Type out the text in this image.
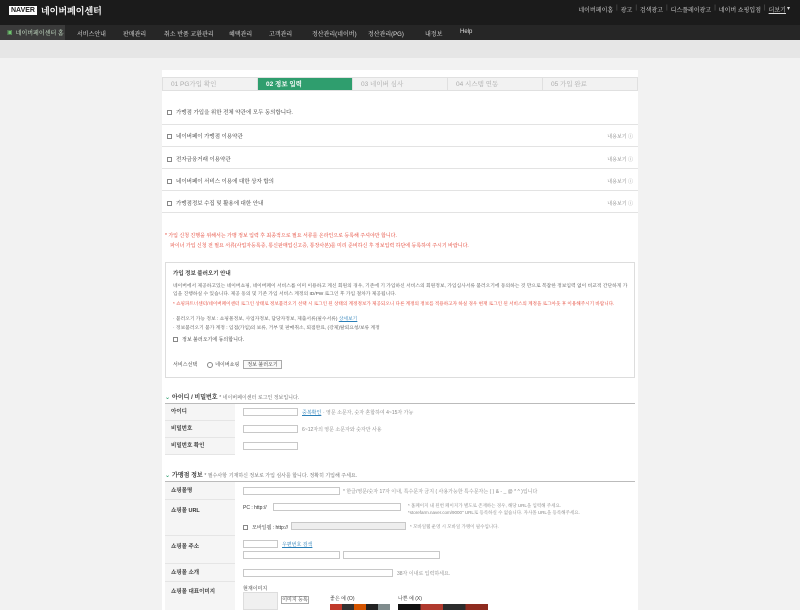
NAVER 네이버페이센터	네이버페이홈 | 광고 | 검색광고 | 디스플레이광고 | 네이버 쇼핑입점 | 더보기 ▾
▣ 네이버페이센터 홈 서비스안내	판매관리	취소 반품 교환관리	혜택관리	고객관리	정산관리(네이버) 정산관리(PG)	내정보	Help
01 PG가입 확인	02 정보 입력	03 네이버 심사	04 시스템 연동	05 가입 완료
가맹점 가입을 위한 전체 약관에 모두 동의합니다.
네이버페이 가맹점 이용약관	내용보기 ⓘ
전자금융거래 이용약관	내용보기 ⓘ
네이버페이 서비스 이용에 대한 상자 합의	내용보기 ⓘ
가맹점정보 수집 및 활용에 대한 안내	내용보기 ⓘ
* 가입 신청 진행을 위해서는 가맹 정보 입력 후 최종적으로 필요 서류를 온라인으로 등록해 주셔야만 합니다.
파이너 가입 신청 전 필요 서류(사업자등록증, 통신판매업신고증, 통장사본)를 미리 준비하신 후 정보입력 하단에 등록하여 주시기 바랍니다.
가입 정보 불러오기 안내
네이버에서 제공하고있는 네이버쇼핑, 네이버페이 서비스를 이미 이용하고 계신 회원의 경우, 기존에 기 가입하신 서비스의 회원정보, 가입심사서류 불러오기에 동의하는 것 만으로 복잡한 정보입력 없이 비교적 간단하게 가입을 진행하실 수 있습니다. 제공 동의 및 기존 가입 서비스 계정의 ID/PW 로그인 후 가입 절차가 제공됩니다.
* 쇼핑파트너센터/네이버페이센터 로그인 상태로 정보불러오기 선택 시 로그인 된 상태의 계정정보가 제공되오니 다른 계정의 정보를 적용하고자 하실 경우 현재 로그인 된 서비스의 계정을 로그아웃 후 이용해주시기 바랍니다.
· 불러오기 가능 정보 : 쇼핑몰정보, 사업자정보, 담당자정보, 제출서류(필수서류) 상세보기
· 정보불러오기 불가 계정 : 입점(가입)의 보류, 거부 및 판매취소, 퇴점완료, (강제)탈퇴요청/보류 계정
정보 불러오기에 동의합니다.
서비스선택	네이버쇼핑	정보 불러오기
⌄ 아이디 / 비밀번호 * 네이버페이센터 로그인 정보입니다.
아이디	중복확인 · 영문 소문자, 숫자 혼합하여 4~15자 가능
비밀번호	6~12자의 영문 소문자와 숫자만 사용
비밀번호 확인
⌄ 가맹점 정보 * 필수사항 기재하신 정보로 가입 심사를 합니다. 정확히 기입해 주세요.
쇼핑몰명	* 한글/영문/숫자 17자 이내, 특수문자 금지 ( 사용가능한 특수문자는 ( ) & - _ @ * ^ )입니다
쇼핑몰 URL	PC : http://	* 홈페이지 내 된번 페이지가 별도로 존재하는 경우, 해당 URL을 입력해 주세요.
*storefarm.naver.com/9000" URL로 등록하실 수 없습니다. 자사몰 URL을 등록해주세요.
모바일웹 : http://	* 모바일웹 운영 시 모바일 가맹이 필수입니다.
쇼핑몰 주소	우편번호 검색
쇼핑몰 소개	38자 이내로 입력하세요.
쇼핑몰 대표이미지	현재이미지
이미지 등록	좋은 예 (O)	나쁜 예 (X)
